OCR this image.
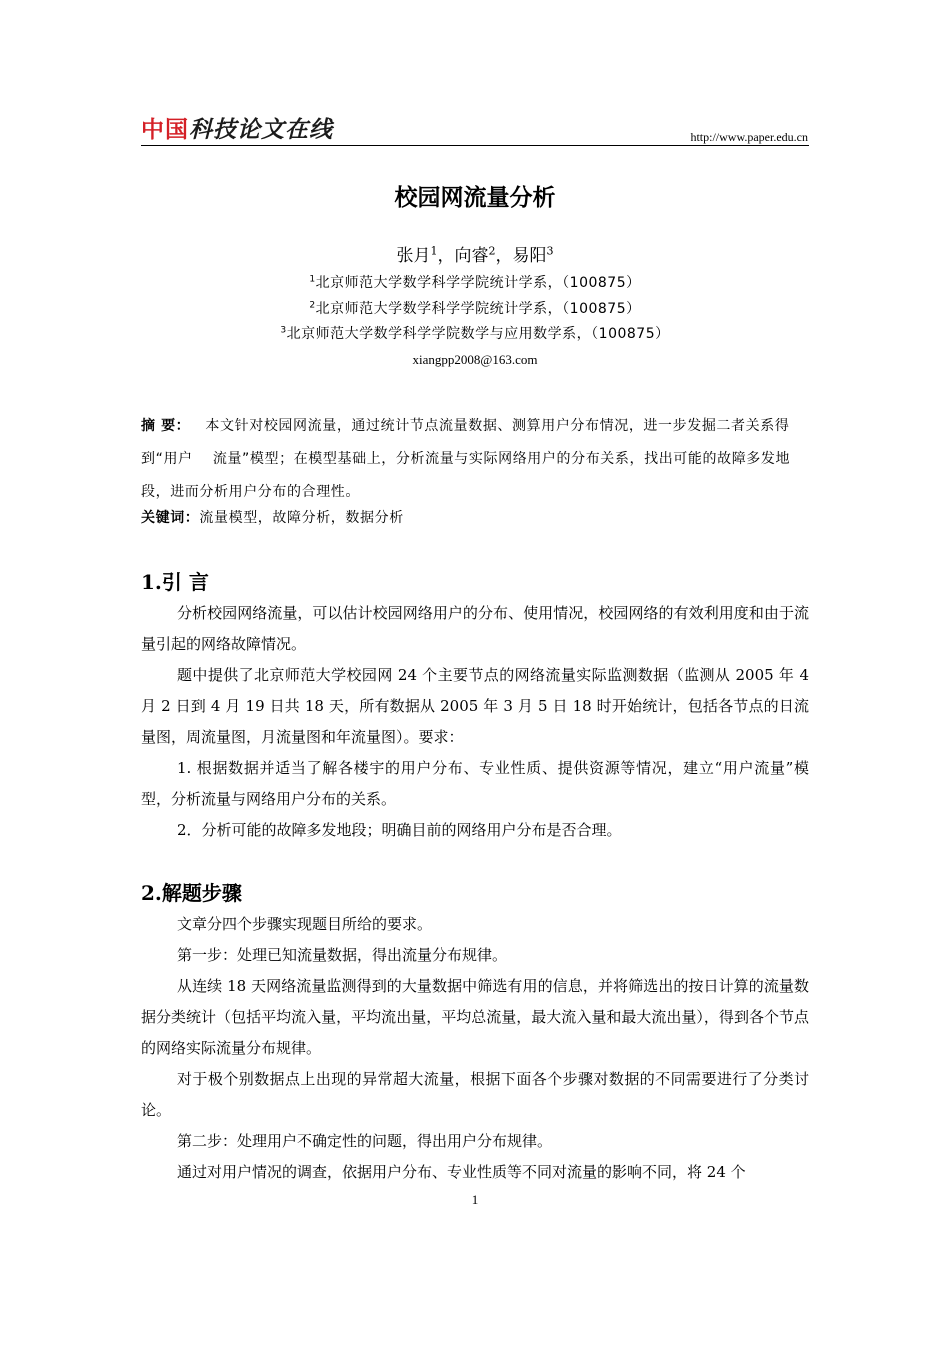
中国 科技论文在线	http://www.paper.edu.cn
校园网流量分析
张月$^1$，向睿$^2$，易阳$^3$
$^1$北京师范大学数学科学学院统计学系，（100875）
$^2$北京师范大学数学科学学院统计学系，（100875）
$^3$北京师范大学数学科学学院数学与应用数学系，（100875）
xiangpp2008@163.com
摘 要：   本文针对校园网流量，通过统计节点流量数据、测算用户分布情况，进一步发掘二者关系得到“用户    流量”模型；在模型基础上，分析流量与实际网络用户的分布关系，找出可能的故障多发地段，进而分析用户分布的合理性。
关键词：流量模型，故障分析，数据分析
1.引 言
分析校园网络流量，可以估计校园网络用户的分布、使用情况，校园网络的有效利用度和由于流量引起的网络故障情况。
题中提供了北京师范大学校园网 24 个主要节点的网络流量实际监测数据（监测从 2005 年 4 月 2 日到 4 月 19 日共 18 天，所有数据从 2005 年 3 月 5 日 18 时开始统计，包括各节点的日流量图，周流量图，月流量图和年流量图）。要求：
1. 根据数据并适当了解各楼宇的用户分布、专业性质、提供资源等情况，建立“用户流量”模型，分析流量与网络用户分布的关系。
2．分析可能的故障多发地段；明确目前的网络用户分布是否合理。
2.解题步骤
文章分四个步骤实现题目所给的要求。
第一步：处理已知流量数据，得出流量分布规律。
从连续 18 天网络流量监测得到的大量数据中筛选有用的信息，并将筛选出的按日计算的流量数据分类统计（包括平均流入量，平均流出量，平均总流量，最大流入量和最大流出量），得到各个节点的网络实际流量分布规律。
对于极个别数据点上出现的异常超大流量，根据下面各个步骤对数据的不同需要进行了分类讨论。
第二步：处理用户不确定性的问题，得出用户分布规律。
通过对用户情况的调查，依据用户分布、专业性质等不同对流量的影响不同，将 24 个
1
